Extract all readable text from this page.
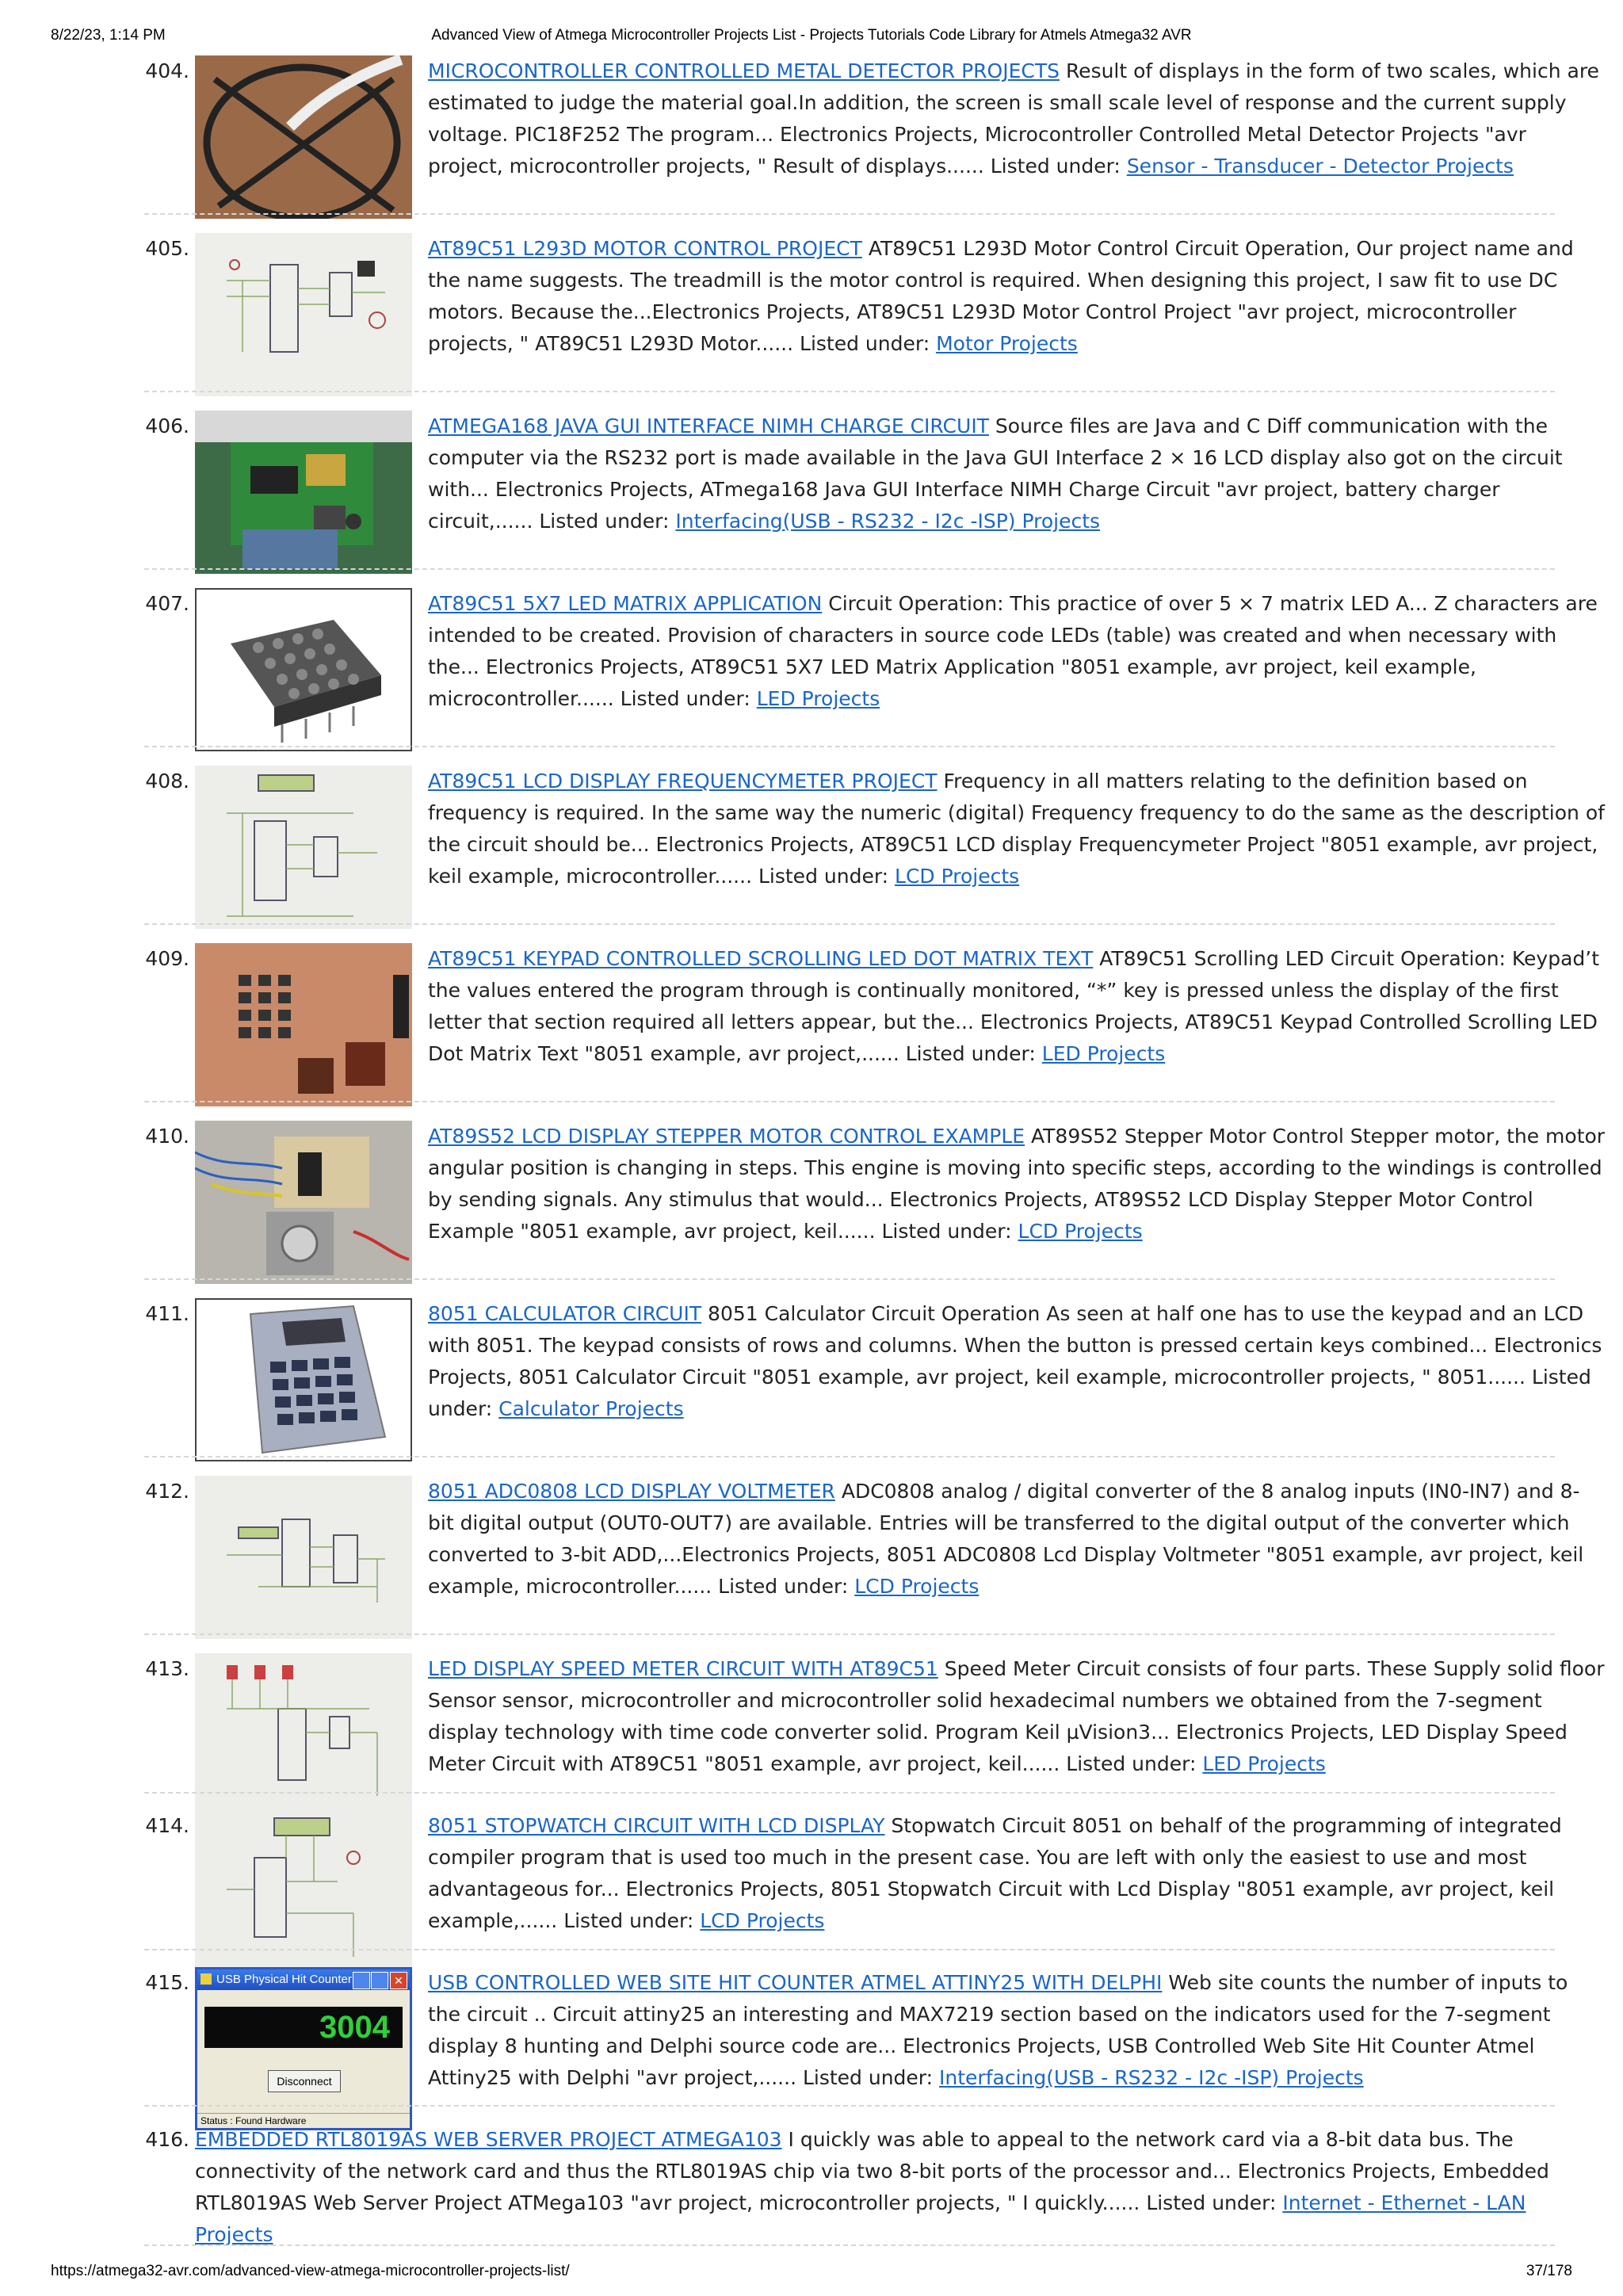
8/22/23, 1:14 PM	Advanced View of Atmega Microcontroller Projects List - Projects Tutorials Code Library for Atmels Atmega32 AVR
404.	MICROCONTROLLER CONTROLLED METAL DETECTOR PROJECTS Result of displays in the form of two scales, which are estimated to judge the material goal.In addition, the screen is small scale level of response and the current supply voltage. PIC18F252 The program... Electronics Projects, Microcontroller Controlled Metal Detector Projects "avr project, microcontroller projects, " Result of displays...... Listed under: Sensor - Transducer - Detector Projects
405.	AT89C51 L293D MOTOR CONTROL PROJECT AT89C51 L293D Motor Control Circuit Operation, Our project name and the name suggests. The treadmill is the motor control is required. When designing this project, I saw fit to use DC motors. Because the...Electronics Projects, AT89C51 L293D Motor Control Project "avr project, microcontroller projects, " AT89C51 L293D Motor...... Listed under: Motor Projects
406.	ATMEGA168 JAVA GUI INTERFACE NIMH CHARGE CIRCUIT Source files are Java and C Diff communication with the computer via the RS232 port is made available in the Java GUI Interface 2 × 16 LCD display also got on the circuit with... Electronics Projects, ATmega168 Java GUI Interface NIMH Charge Circuit "avr project, battery charger circuit,...... Listed under: Interfacing(USB - RS232 - I2c -ISP) Projects
407.	AT89C51 5X7 LED MATRIX APPLICATION Circuit Operation: This practice of over 5 × 7 matrix LED A... Z characters are intended to be created. Provision of characters in source code LEDs (table) was created and when necessary with the... Electronics Projects, AT89C51 5X7 LED Matrix Application "8051 example, avr project, keil example, microcontroller...... Listed under: LED Projects
408.	AT89C51 LCD DISPLAY FREQUENCYMETER PROJECT Frequency in all matters relating to the definition based on frequency is required. In the same way the numeric (digital) Frequency frequency to do the same as the description of the circuit should be... Electronics Projects, AT89C51 LCD display Frequencymeter Project "8051 example, avr project, keil example, microcontroller...... Listed under: LCD Projects
409.	AT89C51 KEYPAD CONTROLLED SCROLLING LED DOT MATRIX TEXT AT89C51 Scrolling LED Circuit Operation: Keypad’t the values entered the program through is continually monitored, “*” key is pressed unless the display of the first letter that section required all letters appear, but the... Electronics Projects, AT89C51 Keypad Controlled Scrolling LED Dot Matrix Text "8051 example, avr project,...... Listed under: LED Projects
410.	AT89S52 LCD DISPLAY STEPPER MOTOR CONTROL EXAMPLE AT89S52 Stepper Motor Control Stepper motor, the motor angular position is changing in steps. This engine is moving into specific steps, according to the windings is controlled by sending signals. Any stimulus that would... Electronics Projects, AT89S52 LCD Display Stepper Motor Control Example "8051 example, avr project, keil...... Listed under: LCD Projects
411.	8051 CALCULATOR CIRCUIT 8051 Calculator Circuit Operation As seen at half one has to use the keypad and an LCD with 8051. The keypad consists of rows and columns. When the button is pressed certain keys combined... Electronics Projects, 8051 Calculator Circuit "8051 example, avr project, keil example, microcontroller projects, " 8051...... Listed under: Calculator Projects
412.	8051 ADC0808 LCD DISPLAY VOLTMETER ADC0808 analog / digital converter of the 8 analog inputs (IN0-IN7) and 8-bit digital output (OUT0-OUT7) are available. Entries will be transferred to the digital output of the converter which converted to 3-bit ADD,...Electronics Projects, 8051 ADC0808 Lcd Display Voltmeter "8051 example, avr project, keil example, microcontroller...... Listed under: LCD Projects
413.	LED DISPLAY SPEED METER CIRCUIT WITH AT89C51 Speed Meter Circuit consists of four parts. These Supply solid floor Sensor sensor, microcontroller and microcontroller solid hexadecimal numbers we obtained from the 7-segment display technology with time code converter solid. Program Keil µVision3... Electronics Projects, LED Display Speed Meter Circuit with AT89C51 "8051 example, avr project, keil...... Listed under: LED Projects
414.	8051 STOPWATCH CIRCUIT WITH LCD DISPLAY Stopwatch Circuit 8051 on behalf of the programming of integrated compiler program that is used too much in the present case. You are left with only the easiest to use and most advantageous for... Electronics Projects, 8051 Stopwatch Circuit with Lcd Display "8051 example, avr project, keil example,...... Listed under: LCD Projects
415.	USB Physical Hit Counter	✕
3004
Disconnect
Status : Found Hardware
USB CONTROLLED WEB SITE HIT COUNTER ATMEL ATTINY25 WITH DELPHI Web site counts the number of inputs to the circuit .. Circuit attiny25 an interesting and MAX7219 section based on the indicators used for the 7-segment display 8 hunting and Delphi source code are... Electronics Projects, USB Controlled Web Site Hit Counter Atmel Attiny25 with Delphi "avr project,...... Listed under: Interfacing(USB - RS232 - I2c -ISP) Projects
416. EMBEDDED RTL8019AS WEB SERVER PROJECT ATMEGA103 I quickly was able to appeal to the network card via a 8-bit data bus. The connectivity of the network card and thus the RTL8019AS chip via two 8-bit ports of the processor and... Electronics Projects, Embedded RTL8019AS Web Server Project ATMega103 "avr project, microcontroller projects, " I quickly...... Listed under: Internet - Ethernet - LAN Projects
https://atmega32-avr.com/advanced-view-atmega-microcontroller-projects-list/	37/178
